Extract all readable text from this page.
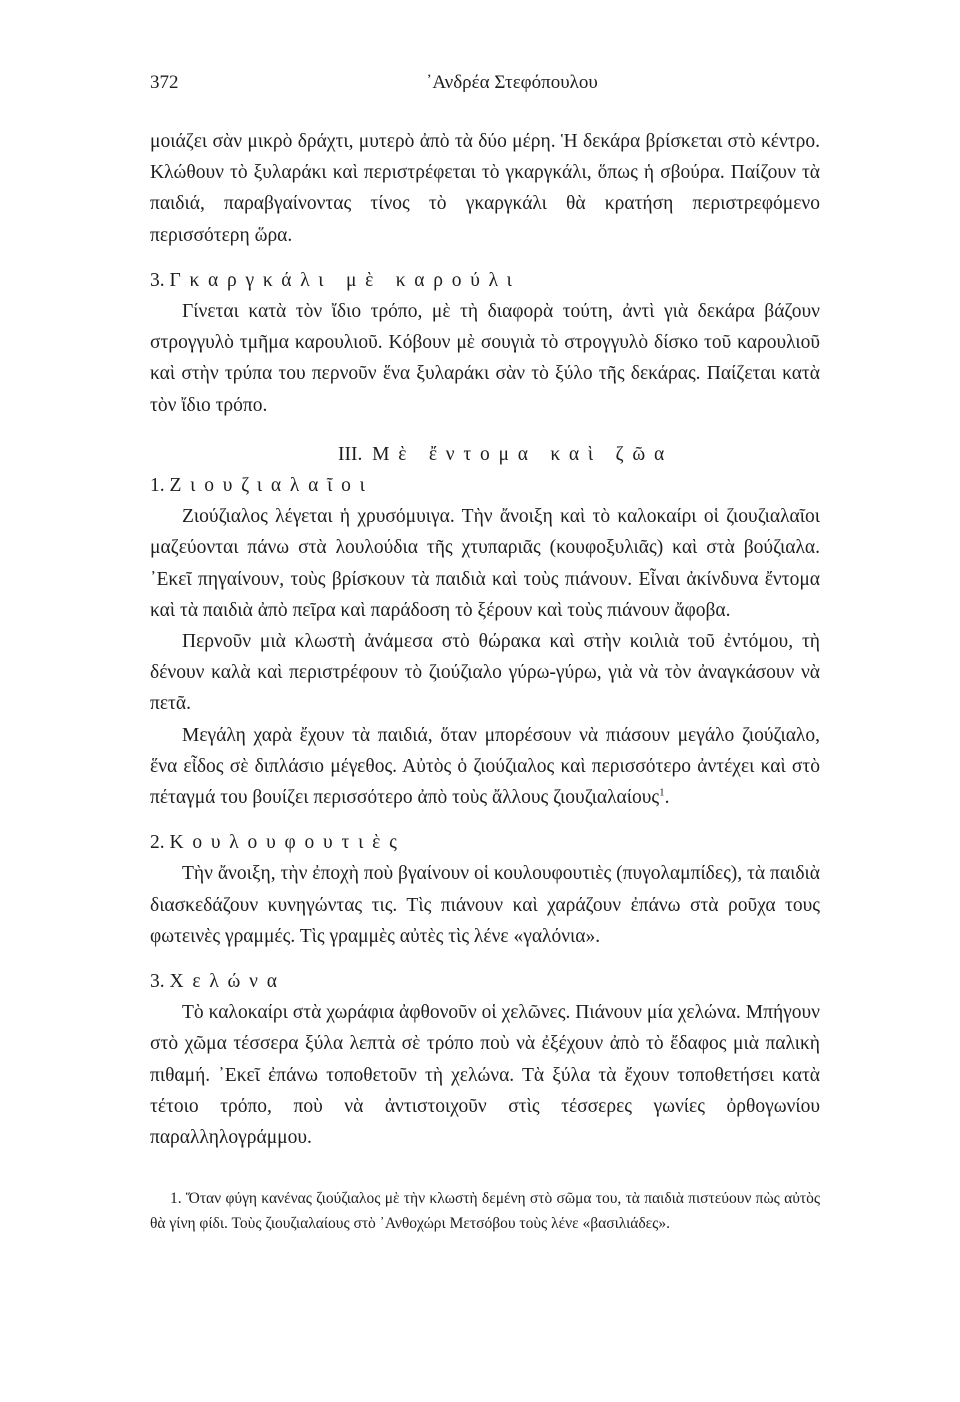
372	᾿Ανδρέα Στεφόπουλου

μοιάζει σὰν μικρὸ δράχτι, μυτερὸ ἀπὸ τὰ δύο μέρη. Ἡ δεκάρα βρίσκεται στὸ κέντρο. Κλώθουν τὸ ξυλαράκι καὶ περιστρέφεται τὸ γκαργκάλι, ὅπως ἡ σβούρα. Παίζουν τὰ παιδιά, παραβγαίνοντας τίνος τὸ γκαργκάλι θὰ κρατήση περιστρεφόμενο περισσότερη ὥρα.

3.
Γκαργκάλι μὲ καρούλι

Γίνεται κατὰ τὸν ἴδιο τρόπο, μὲ τὴ διαφορὰ τούτη, ἀντὶ γιὰ δεκάρα βάζουν στρογγυλὸ τμῆμα καρουλιοῦ. Κόβουν μὲ σουγιὰ τὸ στρογγυλὸ δίσκο τοῦ καρουλιοῦ καὶ στὴν τρύπα του περνοῦν ἕνα ξυλαράκι σὰν τὸ ξύλο τῆς δεκάρας. Παίζεται κατὰ τὸν ἴδιο τρόπο.

III. Μὲ ἔντομα καὶ ζῶα

1.
Ζιουζιαλαῖοι

Ζιούζιαλος λέγεται ἡ χρυσόμυιγα. Τὴν ἄνοιξη καὶ τὸ καλοκαίρι οἱ ζιουζιαλαῖοι μαζεύονται πάνω στὰ λουλούδια τῆς χτυπαριᾶς (κουφοξυλιᾶς) καὶ στὰ βούζιαλα. ᾿Εκεῖ πηγαίνουν, τοὺς βρίσκουν τὰ παιδιὰ καὶ τοὺς πιάνουν. Εἶναι ἀκίνδυνα ἔντομα καὶ τὰ παιδιὰ ἀπὸ πεῖρα καὶ παράδοση τὸ ξέρουν καὶ τοὺς πιάνουν ἄφοβα.

Περνοῦν μιὰ κλωστὴ ἀνάμεσα στὸ θώρακα καὶ στὴν κοιλιὰ τοῦ ἐντόμου, τὴ δένουν καλὰ καὶ περιστρέφουν τὸ ζιούζιαλο γύρω-γύρω, γιὰ νὰ τὸν ἀναγκάσουν νὰ πετᾶ.

Μεγάλη χαρὰ ἔχουν τὰ παιδιά, ὅταν μπορέσουν νὰ πιάσουν μεγάλο ζιούζιαλο, ἕνα εἶδος σὲ διπλάσιο μέγεθος. Αὐτὸς ὁ ζιούζιαλος καὶ περισσότερο ἀντέχει καὶ στὸ πέταγμά του βουίζει περισσότερο ἀπὸ τοὺς ἄλλους ζιουζιαλαίους$^1$.

2.
Κουλουφουτιὲς

Τὴν ἄνοιξη, τὴν ἐποχὴ ποὺ βγαίνουν οἱ κουλουφουτιὲς (πυγολαμπίδες), τὰ παιδιὰ διασκεδάζουν κυνηγώντας τις. Τὶς πιάνουν καὶ χαράζουν ἐπάνω στὰ ροῦχα τους φωτεινὲς γραμμές. Τὶς γραμμὲς αὐτὲς τὶς λένε «γαλόνια».

3.
Χελώνα

Τὸ καλοκαίρι στὰ χωράφια ἀφθονοῦν οἱ χελῶνες. Πιάνουν μία χελώνα. Μπήγουν στὸ χῶμα τέσσερα ξύλα λεπτὰ σὲ τρόπο ποὺ νὰ ἐξέχουν ἀπὸ τὸ ἔδαφος μιὰ παλικὴ πιθαμή. ᾿Εκεῖ ἐπάνω τοποθετοῦν τὴ χελώνα. Τὰ ξύλα τὰ ἔχουν τοποθετήσει κατὰ τέτοιο τρόπο, ποὺ νὰ ἀντιστοιχοῦν στὶς τέσσερες γωνίες ὀρθογωνίου παραλληλογράμμου.

1. Ὅταν φύγη κανένας ζιούζιαλος μὲ τὴν κλωστὴ δεμένη στὸ σῶμα του, τὰ παιδιὰ πιστεύουν πὼς αὐτὸς θὰ γίνη φίδι. Τοὺς ζιουζιαλαίους στὸ ᾿Ανθοχώρι Μετσόβου τοὺς λένε «βασιλιάδες».
